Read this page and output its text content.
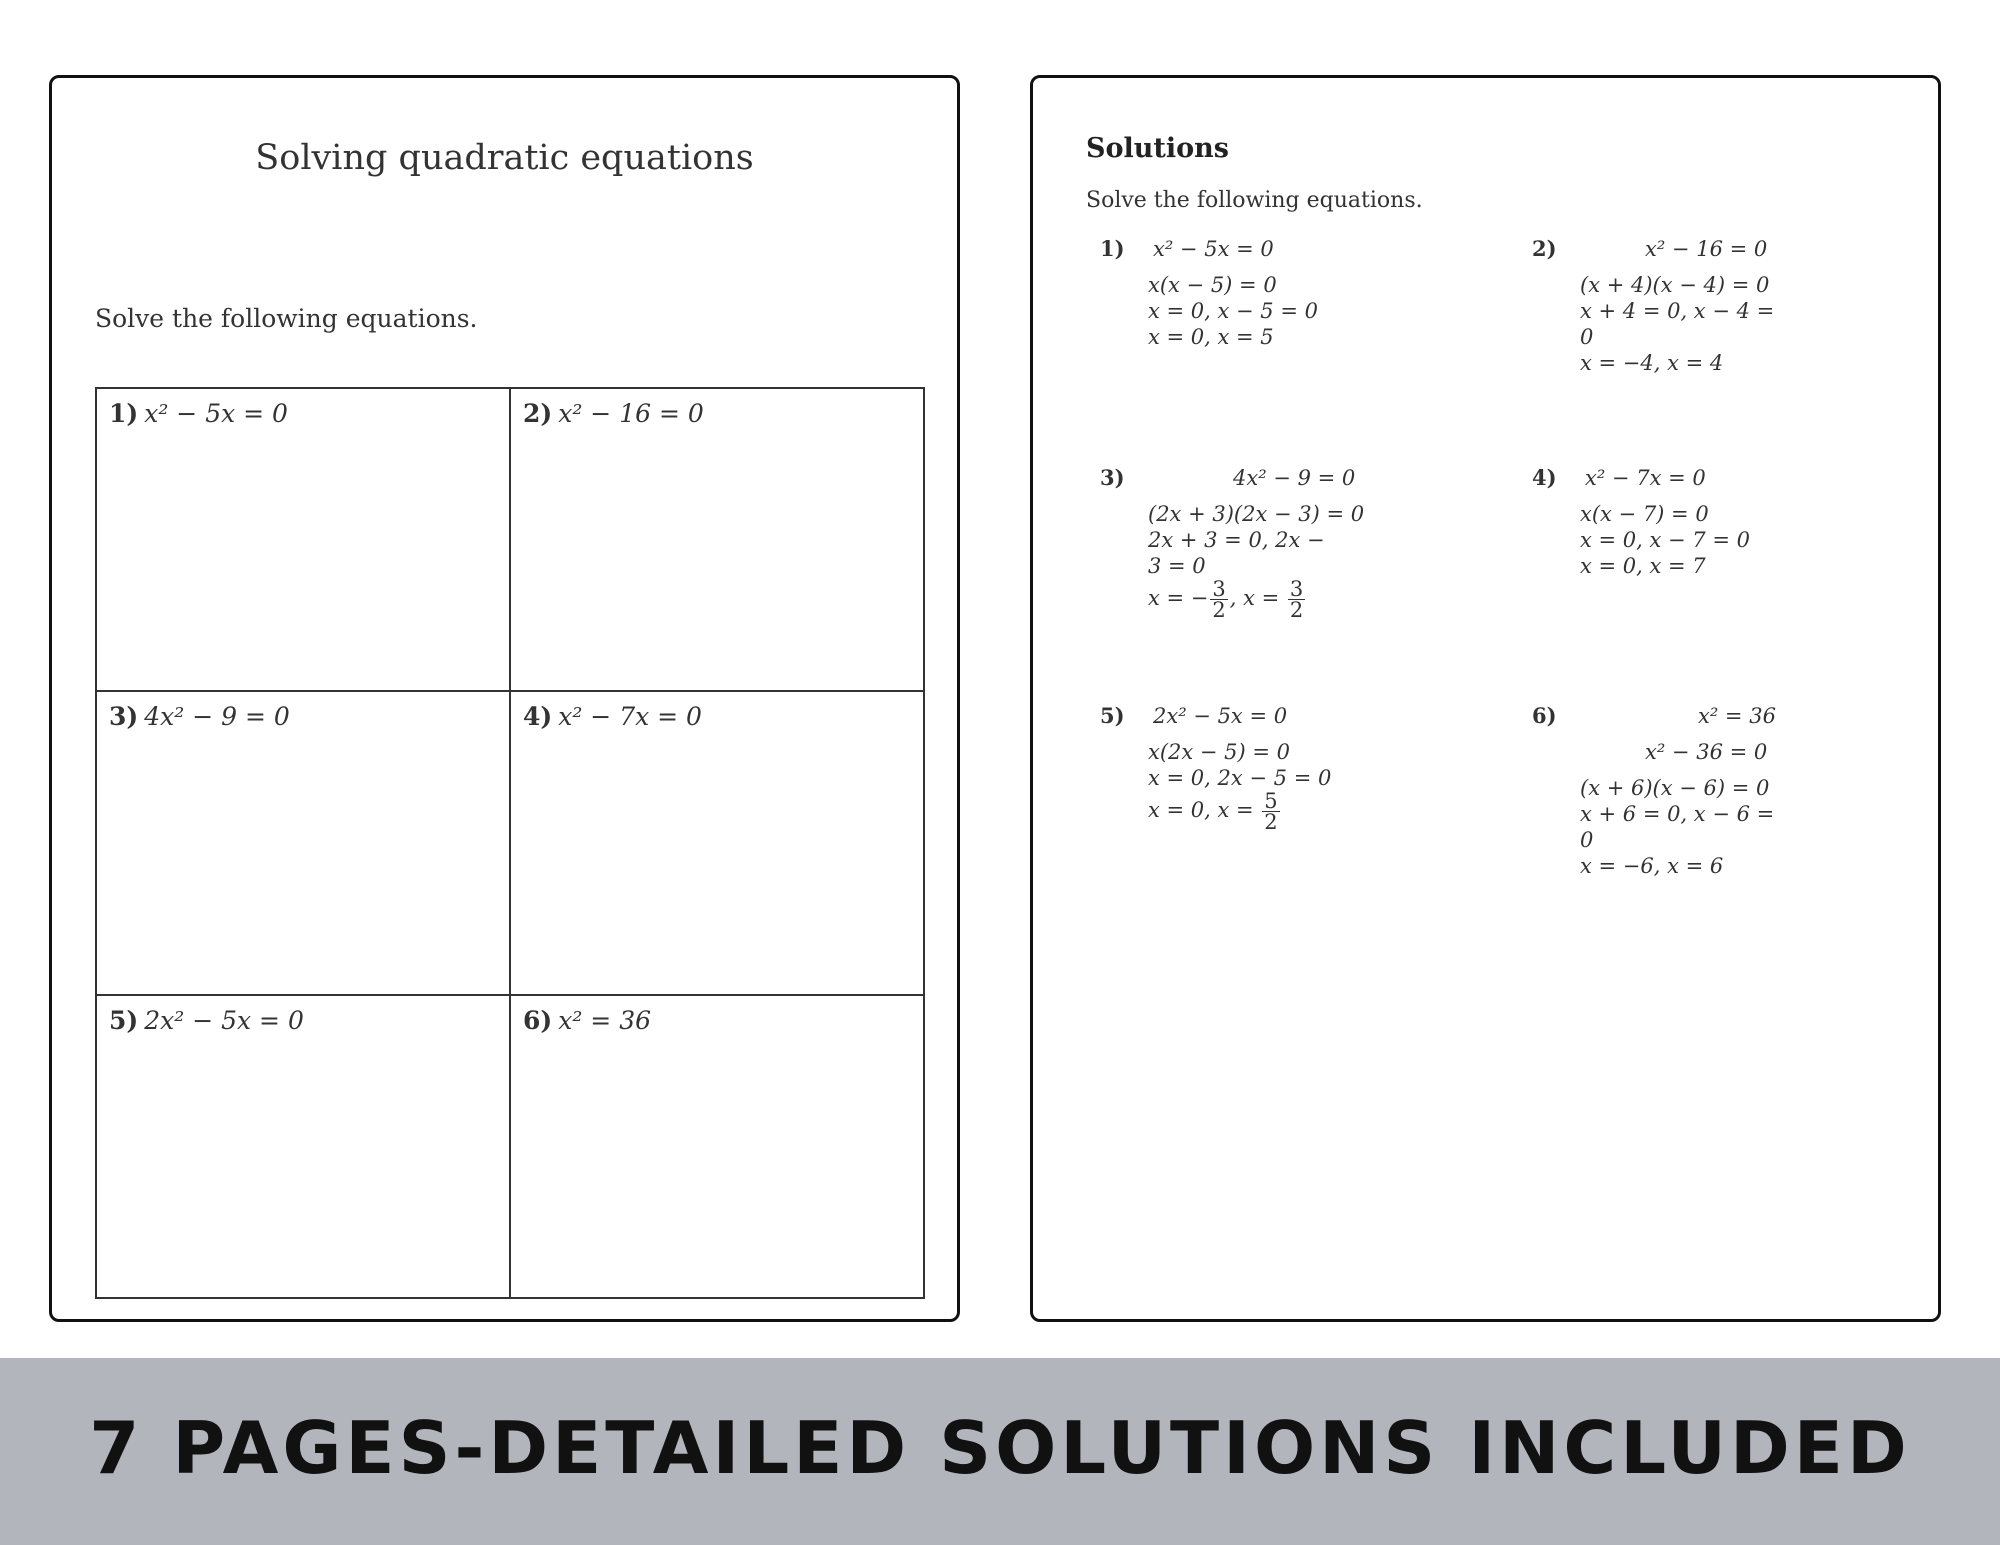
Solving quadratic equations
Solve the following equations.
1) x² − 5x = 0	2) x² − 16 = 0
3) 4x² − 9 = 0	4) x² − 7x = 0
5) 2x² − 5x = 0	6) x² = 36
Solutions
Solve the following equations.
1) x² − 5x = 0
x(x − 5) = 0
x = 0, x − 5 = 0
x = 0, x = 5
2)	x² − 16 = 0
(x + 4)(x − 4) = 0
x + 4 = 0, x − 4 =
0
x = −4, x = 4
3)	4x² − 9 = 0
(2x + 3)(2x − 3) = 0
2x + 3 = 0, 2x −
3 = 0
x = − $\frac{3}{2}$ , $x = \frac{3}{2}$
4) x² − 7x = 0
x(x − 7) = 0
x = 0, x − 7 = 0
x = 0, x = 7
5) 2x² − 5x = 0
x(2x − 5) = 0
x = 0, 2x − 5 = 0
x = 0, $x = \frac{5}{2}$
6)	x² = 36
x² − 36 = 0
(x + 6)(x − 6) = 0
x + 6 = 0, x − 6 =
0
x = −6, x = 6
7 PAGES-DETAILED SOLUTIONS INCLUDED
